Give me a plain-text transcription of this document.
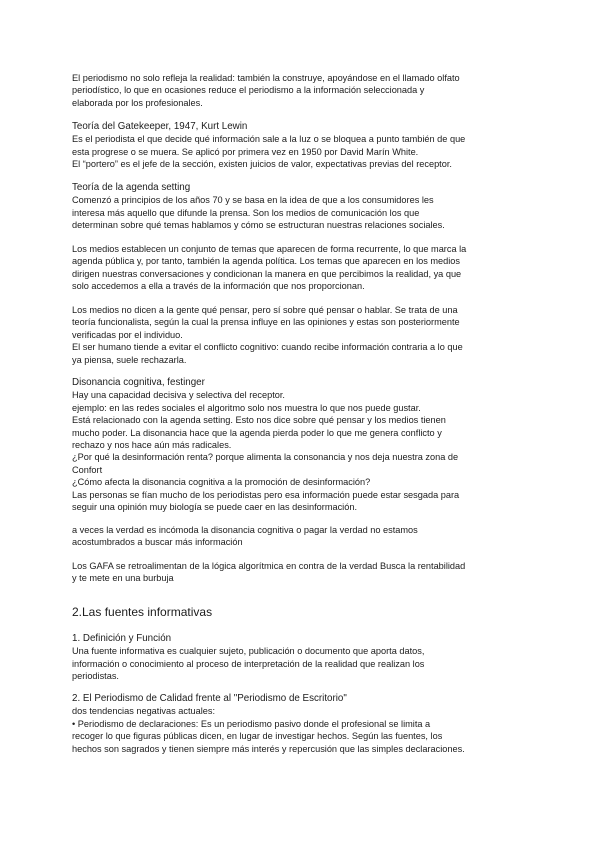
El periodismo no solo refleja la realidad: también la construye, apoyándose en el llamado olfato
periodístico, lo que en ocasiones reduce el periodismo a la información seleccionada y
elaborada por los profesionales.

Teoría del Gatekeeper, 1947, Kurt Lewin

Es el periodista el que decide qué información sale a la luz o se bloquea a punto también de que
esta progrese o se muera. Se aplicó por primera vez en 1950 por David Marín White.
El “portero” es el jefe de la sección, existen juicios de valor, expectativas previas del receptor.

Teoría de la agenda setting

Comenzó a principios de los años 70 y se basa en la idea de que a los consumidores les
interesa más aquello que difunde la prensa. Son los medios de comunicación los que
determinan sobre qué temas hablamos y cómo se estructuran nuestras relaciones sociales.

Los medios establecen un conjunto de temas que aparecen de forma recurrente, lo que marca la
agenda pública y, por tanto, también la agenda política. Los temas que aparecen en los medios
dirigen nuestras conversaciones y condicionan la manera en que percibimos la realidad, ya que
solo accedemos a ella a través de la información que nos proporcionan.

Los medios no dicen a la gente qué pensar, pero sí sobre qué pensar o hablar. Se trata de una
teoría funcionalista, según la cual la prensa influye en las opiniones y estas son posteriormente
verificadas por el individuo.
El ser humano tiende a evitar el conflicto cognitivo: cuando recibe información contraria a lo que
ya piensa, suele rechazarla.

Disonancia cognitiva, festinger

Hay una capacidad decisiva y selectiva del receptor.
ejemplo: en las redes sociales el algoritmo solo nos muestra lo que nos puede gustar.
Está relacionado con la agenda setting. Esto nos dice sobre qué pensar y los medios tienen
mucho poder. La disonancia hace que la agenda pierda poder lo que me genera conflicto y
rechazo y nos hace aún más radicales.
¿Por qué la desinformación renta? porque alimenta la consonancia y nos deja nuestra zona de
Confort
¿Cómo afecta la disonancia cognitiva a la promoción de desinformación?
Las personas se fían mucho de los periodistas pero esa información puede estar sesgada para
seguir una opinión muy biología se puede caer en las desinformación.

a veces la verdad es incómoda la disonancia cognitiva o pagar la verdad no estamos
acostumbrados a buscar más información

Los GAFA se retroalimentan de la lógica algorítmica en contra de la verdad Busca la rentabilidad
y te mete en una burbuja

2.Las fuentes informativas

1. Definición y Función

Una fuente informativa es cualquier sujeto, publicación o documento que aporta datos,
información o conocimiento al proceso de interpretación de la realidad que realizan los
periodistas.

2. El Periodismo de Calidad frente al "Periodismo de Escritorio"

dos tendencias negativas actuales:
• Periodismo de declaraciones: Es un periodismo pasivo donde el profesional se limita a
recoger lo que figuras públicas dicen, en lugar de investigar hechos. Según las fuentes, los
hechos son sagrados y tienen siempre más interés y repercusión que las simples declaraciones.
